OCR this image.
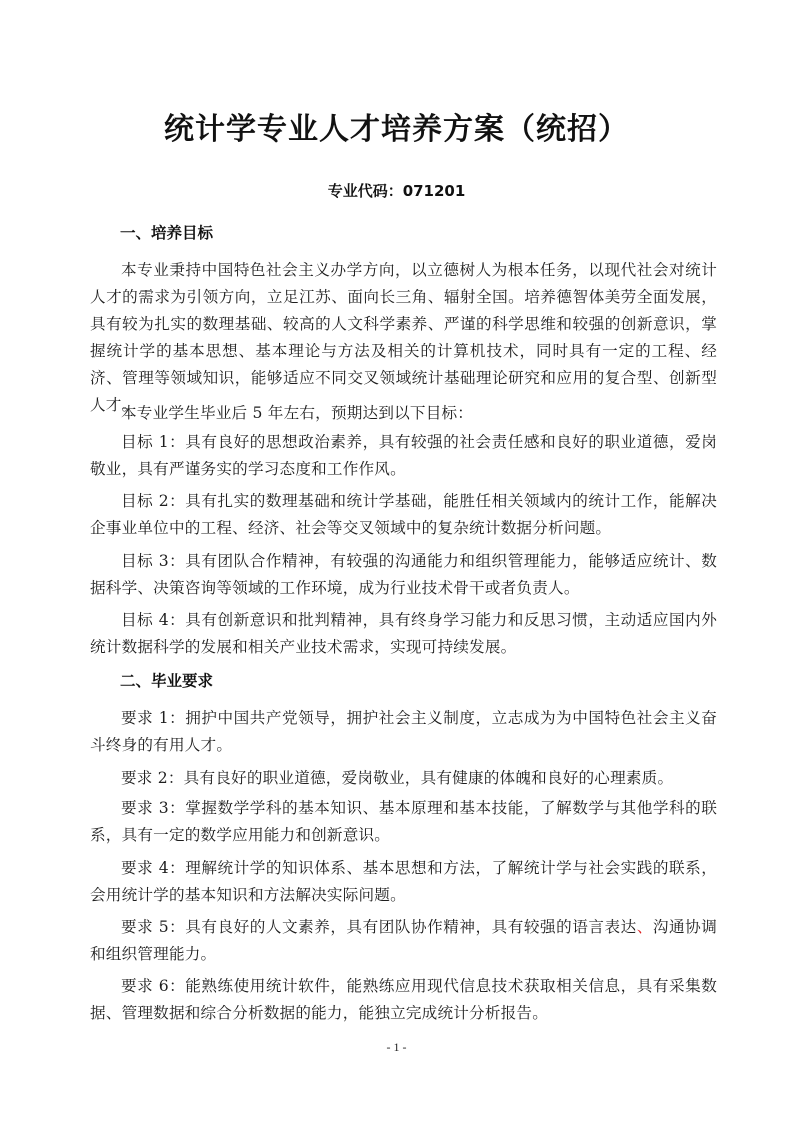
统计学专业人才培养方案（统招）
专业代码：071201
一、培养目标
本专业秉持中国特色社会主义办学方向，以立德树人为根本任务，以现代社会对统计人才的需求为引领方向，立足江苏、面向长三角、辐射全国。培养德智体美劳全面发展，具有较为扎实的数理基础、较高的人文科学素养、严谨的科学思维和较强的创新意识，掌握统计学的基本思想、基本理论与方法及相关的计算机技术，同时具有一定的工程、经济、管理等领域知识，能够适应不同交叉领域统计基础理论研究和应用的复合型、创新型人才。
本专业学生毕业后 5 年左右，预期达到以下目标：
目标 1：具有良好的思想政治素养，具有较强的社会责任感和良好的职业道德，爱岗敬业，具有严谨务实的学习态度和工作作风。
目标 2：具有扎实的数理基础和统计学基础，能胜任相关领域内的统计工作，能解决企事业单位中的工程、经济、社会等交叉领域中的复杂统计数据分析问题。
目标 3：具有团队合作精神，有较强的沟通能力和组织管理能力，能够适应统计、数据科学、决策咨询等领域的工作环境，成为行业技术骨干或者负责人。
目标 4：具有创新意识和批判精神，具有终身学习能力和反思习惯，主动适应国内外统计数据科学的发展和相关产业技术需求，实现可持续发展。
二、毕业要求
要求 1：拥护中国共产党领导，拥护社会主义制度，立志成为为中国特色社会主义奋斗终身的有用人才。
要求 2：具有良好的职业道德，爱岗敬业，具有健康的体魄和良好的心理素质。
要求 3：掌握数学学科的基本知识、基本原理和基本技能，了解数学与其他学科的联系，具有一定的数学应用能力和创新意识。
要求 4：理解统计学的知识体系、基本思想和方法，了解统计学与社会实践的联系，会用统计学的基本知识和方法解决实际问题。
要求 5：具有良好的人文素养，具有团队协作精神，具有较强的语言表达、沟通协调和组织管理能力。
要求 6：能熟练使用统计软件，能熟练应用现代信息技术获取相关信息，具有采集数据、管理数据和综合分析数据的能力，能独立完成统计分析报告。
- 1 -
